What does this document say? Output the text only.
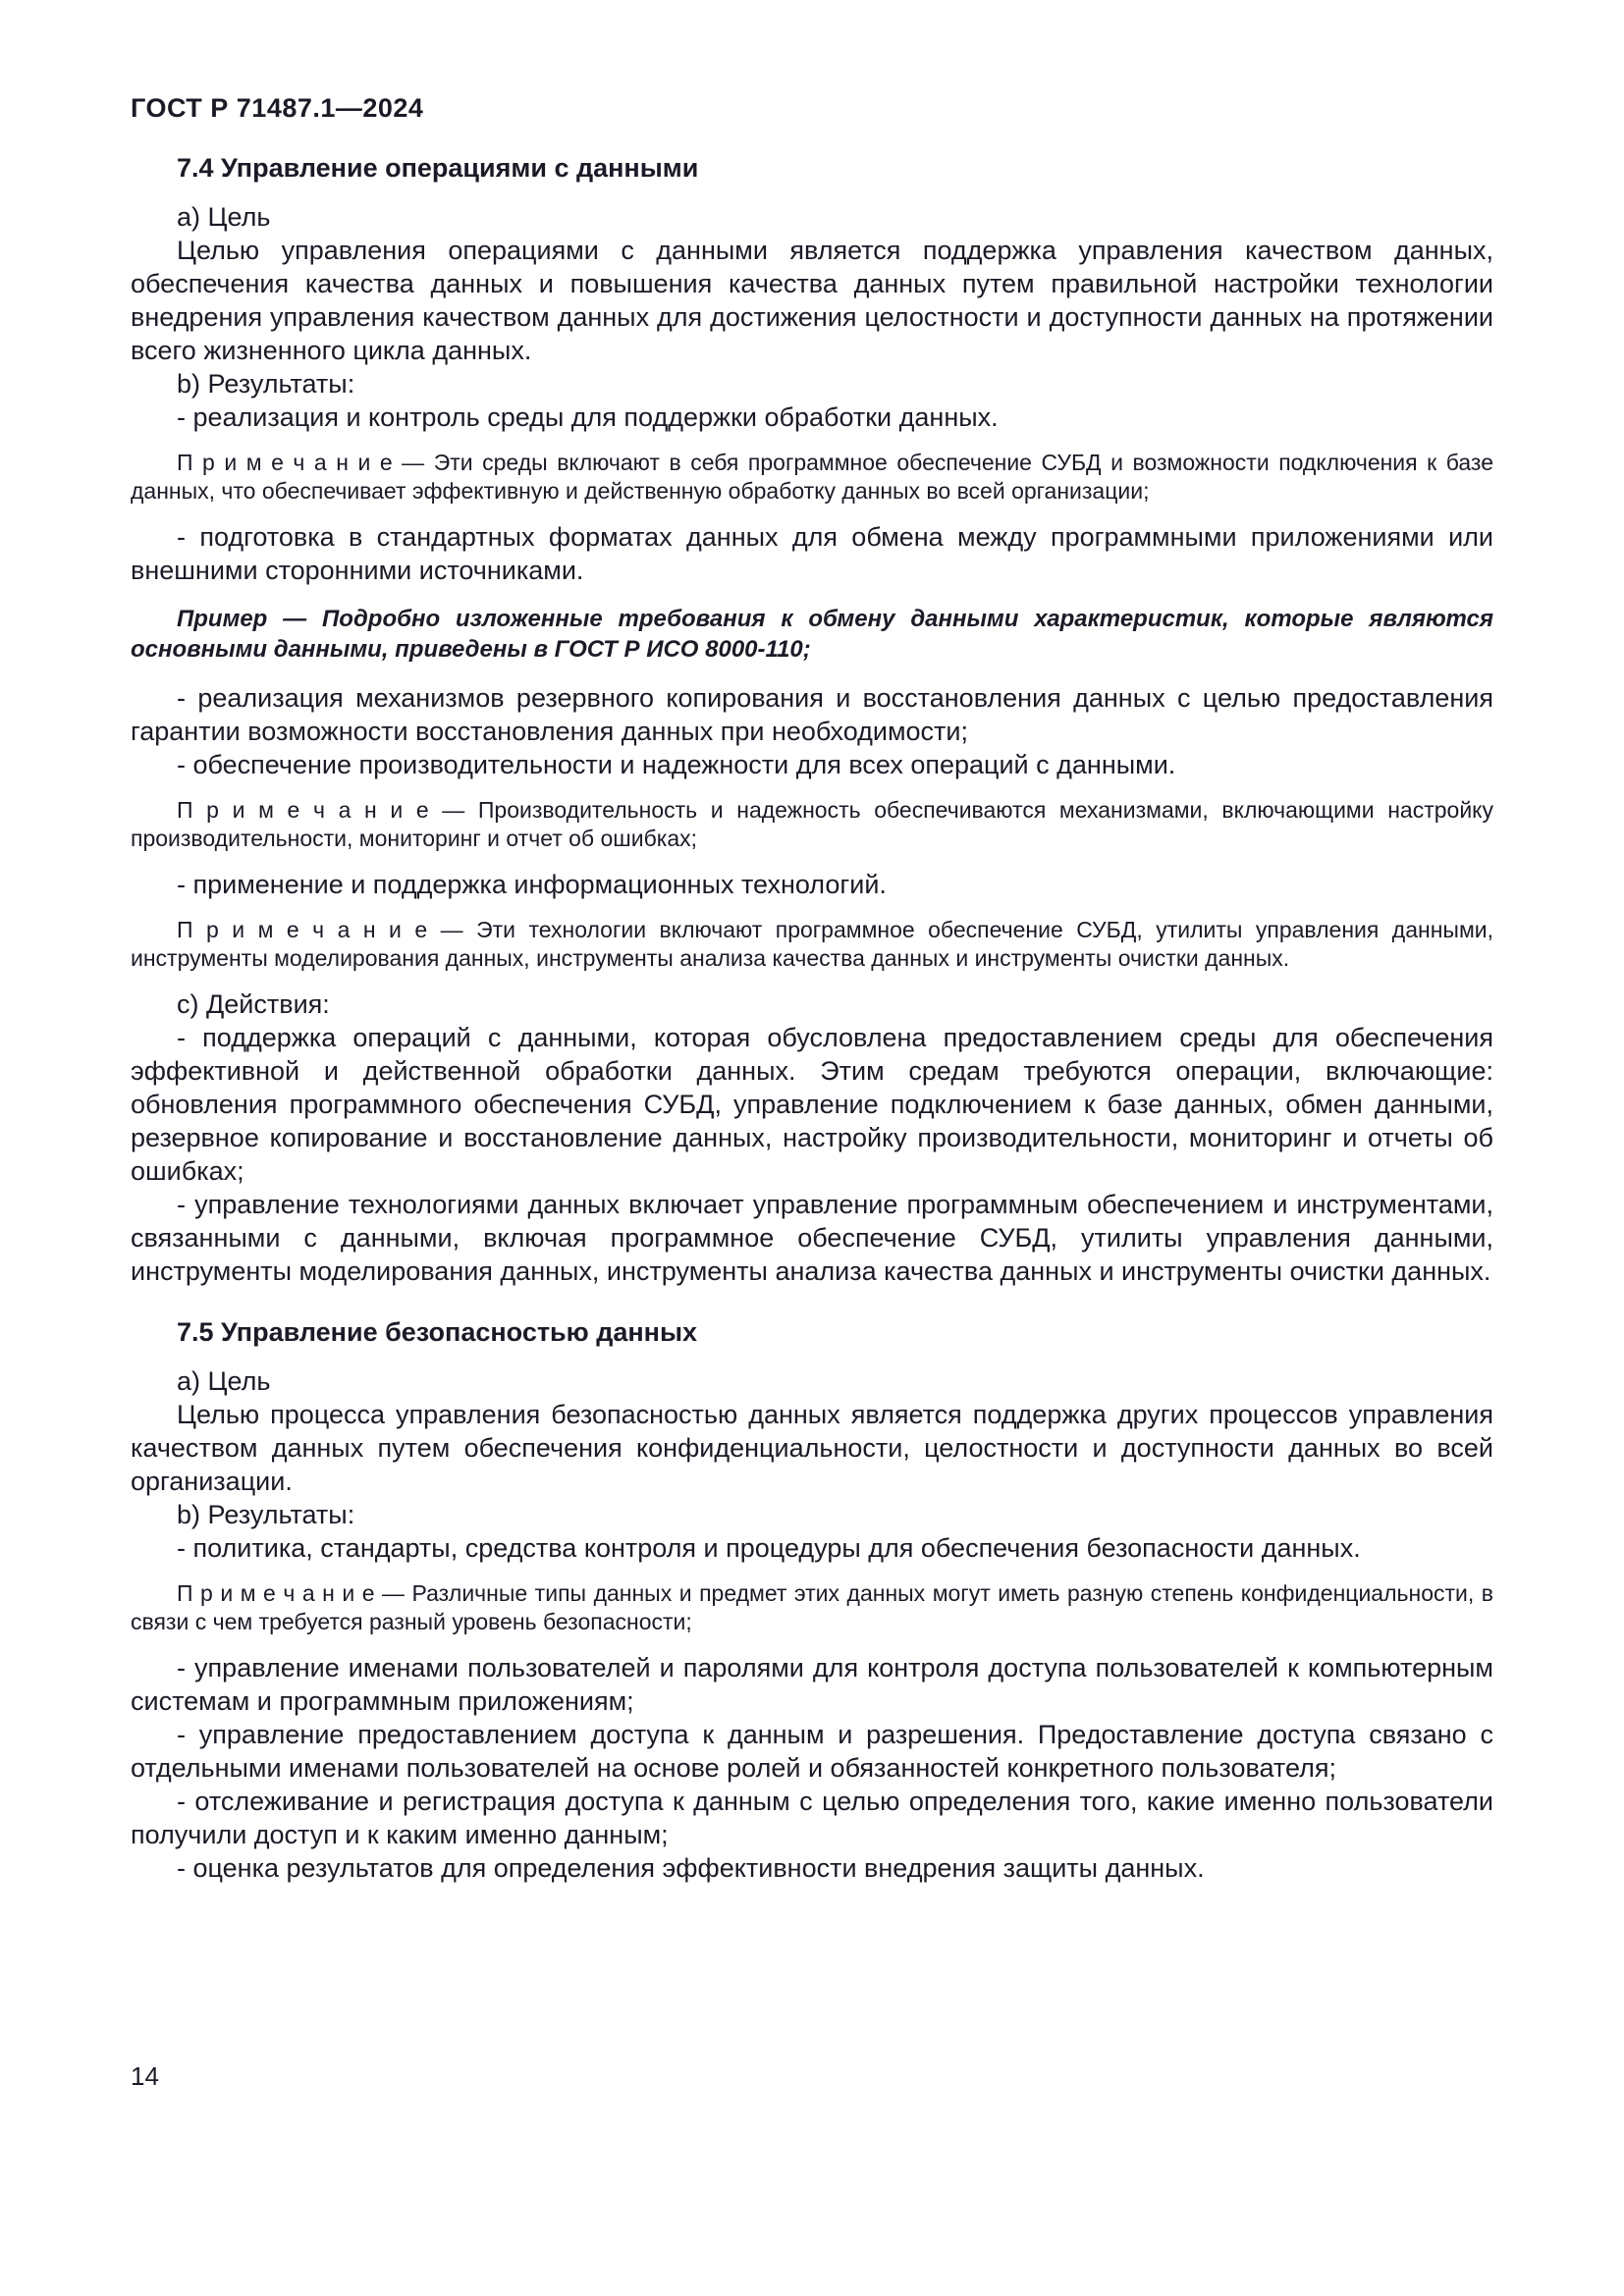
ГОСТ Р 71487.1—2024

7.4 Управление операциями с данными

a) Цель

Целью управления операциями с данными является поддержка управления качеством данных, обеспечения качества данных и повышения качества данных путем правильной настройки технологии внедрения управления качеством данных для достижения целостности и доступности данных на протяжении всего жизненного цикла данных.

b) Результаты:

- реализация и контроль среды для поддержки обработки данных.

П р и м е ч а н и е — Эти среды включают в себя программное обеспечение СУБД и возможности подключения к базе данных, что обеспечивает эффективную и действенную обработку данных во всей организации;

- подготовка в стандартных форматах данных для обмена между программными приложениями или внешними сторонними источниками.

Пример — Подробно изложенные требования к обмену данными характеристик, которые являются основными данными, приведены в ГОСТ Р ИСО 8000-110;

- реализация механизмов резервного копирования и восстановления данных с целью предоставления гарантии возможности восстановления данных при необходимости;

- обеспечение производительности и надежности для всех операций с данными.

П р и м е ч а н и е — Производительность и надежность обеспечиваются механизмами, включающими настройку производительности, мониторинг и отчет об ошибках;

- применение и поддержка информационных технологий.

П р и м е ч а н и е — Эти технологии включают программное обеспечение СУБД, утилиты управления данными, инструменты моделирования данных, инструменты анализа качества данных и инструменты очистки данных.

c) Действия:

- поддержка операций с данными, которая обусловлена предоставлением среды для обеспечения эффективной и действенной обработки данных. Этим средам требуются операции, включающие: обновления программного обеспечения СУБД, управление подключением к базе данных, обмен данными, резервное копирование и восстановление данных, настройку производительности, мониторинг и отчеты об ошибках;

- управление технологиями данных включает управление программным обеспечением и инструментами, связанными с данными, включая программное обеспечение СУБД, утилиты управления данными, инструменты моделирования данных, инструменты анализа качества данных и инструменты очистки данных.

7.5 Управление безопасностью данных

a) Цель

Целью процесса управления безопасностью данных является поддержка других процессов управления качеством данных путем обеспечения конфиденциальности, целостности и доступности данных во всей организации.

b) Результаты:

- политика, стандарты, средства контроля и процедуры для обеспечения безопасности данных.

П р и м е ч а н и е — Различные типы данных и предмет этих данных могут иметь разную степень конфиденциальности, в связи с чем требуется разный уровень безопасности;

- управление именами пользователей и паролями для контроля доступа пользователей к компьютерным системам и программным приложениям;

- управление предоставлением доступа к данным и разрешения. Предоставление доступа связано с отдельными именами пользователей на основе ролей и обязанностей конкретного пользователя;

- отслеживание и регистрация доступа к данным с целью определения того, какие именно пользователи получили доступ и к каким именно данным;

- оценка результатов для определения эффективности внедрения защиты данных.

14
